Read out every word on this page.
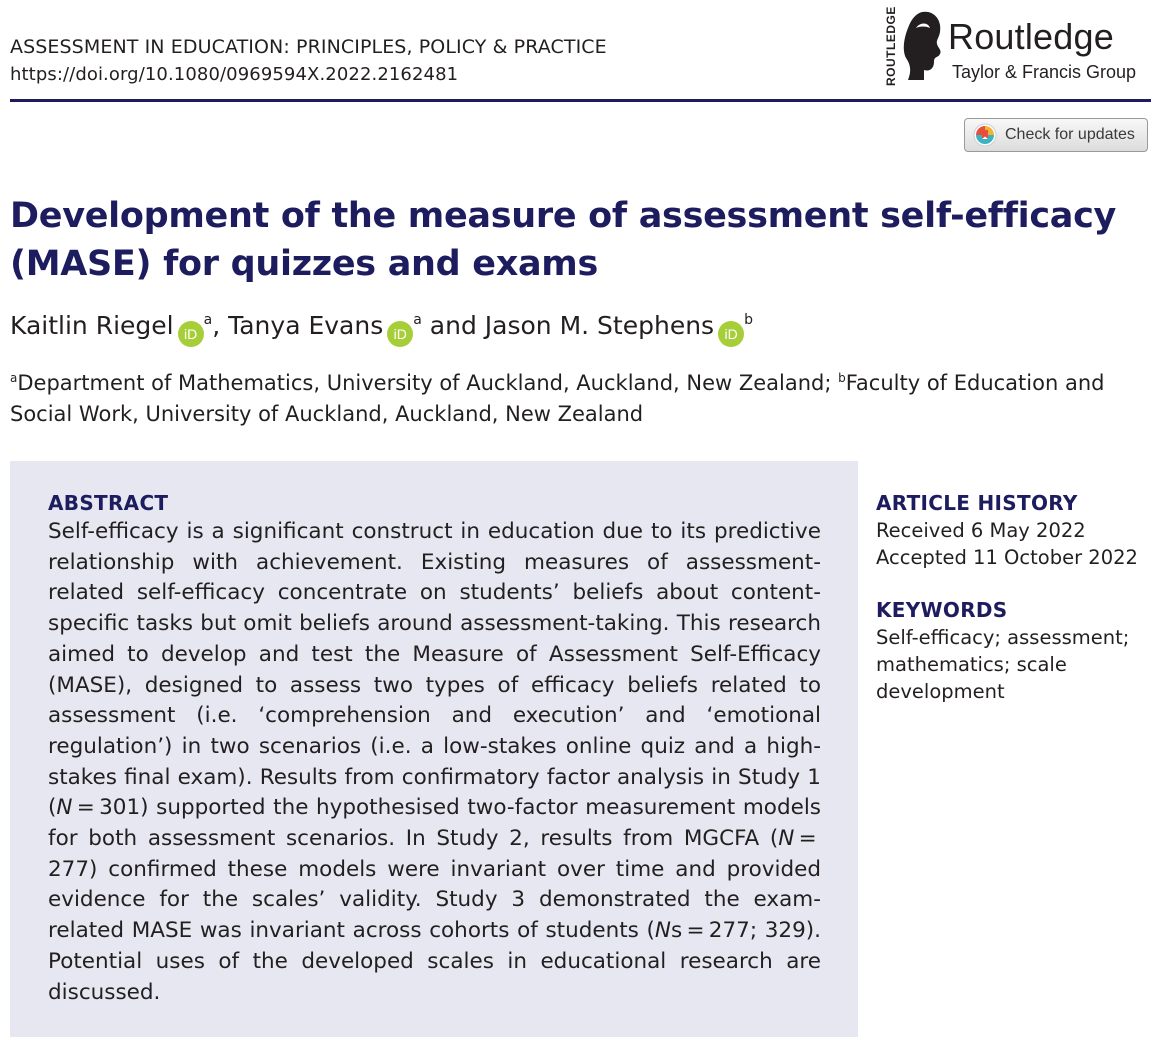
ASSESSMENT IN EDUCATION: PRINCIPLES, POLICY & PRACTICE
https://doi.org/10.1080/0969594X.2022.2162481	ROUTLEDGE Routledge
Taylor & Francis Group
Check for updates
Development of the measure of assessment self-efficacy (MASE) for quizzes and exams
Kaitlin Riegel $iD^a$, Tanya Evans $iD^a$ and Jason M. Stephens $iD^b$
$^a$Department of Mathematics, University of Auckland, Auckland, New Zealand; $^b$Faculty of Education and Social Work, University of Auckland, Auckland, New Zealand
ABSTRACT
Self-efficacy is a significant construct in education due to its predictive relationship with achievement. Existing measures of assessment-related self-efficacy concentrate on students’ beliefs about content-specific tasks but omit beliefs around assessment-taking. This research aimed to develop and test the Measure of Assessment Self-Efficacy (MASE), designed to assess two types of efficacy beliefs related to assessment (i.e. ‘comprehension and execution’ and ‘emotional regulation’) in two scenarios (i.e. a low-stakes online quiz and a high-stakes final exam). Results from confirmatory factor analysis in Study 1 (N = 301) supported the hypothesised two-factor measurement models for both assessment scenarios. In Study 2, results from MGCFA (N = 277) confirmed these models were invariant over time and provided evidence for the scales’ validity. Study 3 demonstrated the exam-related MASE was invariant across cohorts of students (Ns = 277; 329). Potential uses of the developed scales in educational research are discussed.
ARTICLE HISTORY

Received 6 May 2022

Accepted 11 October 2022

KEYWORDS

Self-efficacy; assessment; mathematics; scale development
